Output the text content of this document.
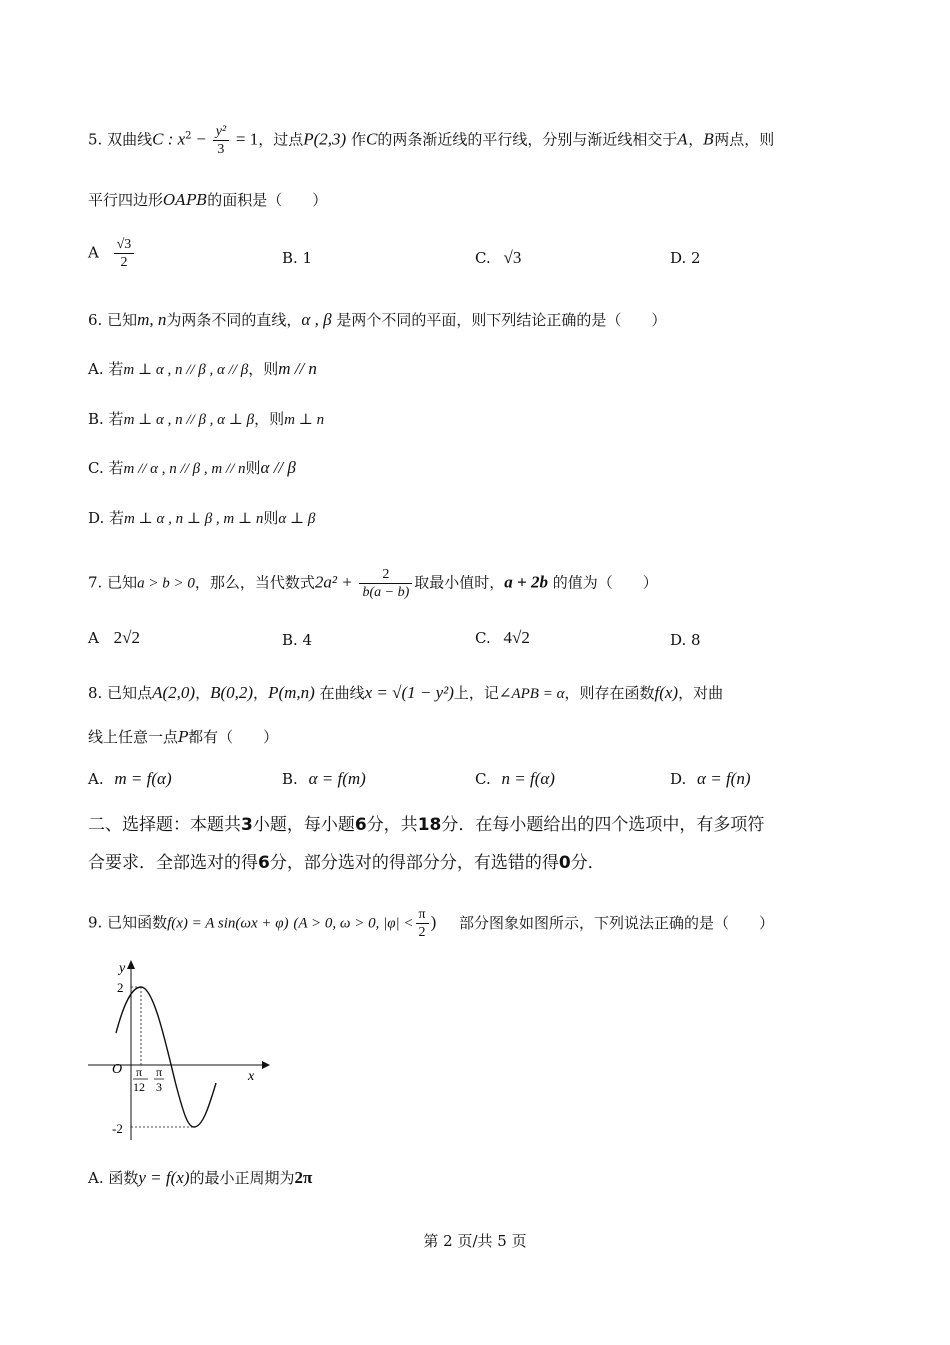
5. 双曲线C : $x^2 - \frac{\text{y²}}{3} = 1$，过点P(2,3) 作C的两条渐近线的平行线，分别与渐近线相交于A，B两点，则
平行四边形OAPB的面积是（　　）
A $\frac{√3}{2}$	B. 1	C. √3	D. 2
6. 已知m, n为两条不同的直线，α , β 是两个不同的平面，则下列结论正确的是（　　）
A. 若m ⊥ α , n // β , α // β，则m // n
B. 若m ⊥ α , n // β , α ⊥ β，则m ⊥ n
C. 若m // α , n // β , m // n则α // β
D. 若m ⊥ α , n ⊥ β , m ⊥ n则α ⊥ β
7. 已知a > b > 0，那么，当代数式$2a^2 + \frac{2}{b(a - b)}$ 取最小值时，a + 2b 的值为（　　）
A 2√2	B. 4	C. 4√2	D. 8
8. 已知点A(2,0)，B(0,2)，P(m,n) 在曲线x = √(1 − y²)上，记∠APB = α，则存在函数f(x)，对曲
线上任意一点P都有（　　）
A. m = f(α)	B. α = f(m)	C. n = f(α)	D. α = f(n)
二、选择题：本题共3小题，每小题6分，共18分．在每小题给出的四个选项中，有多项符
合要求．全部选对的得6分，部分选对的得部分分，有选错的得0分．
9. 已知函数f(x) = A sin(ωx + φ) (A > 0, ω > 0, $|\varphi| < \frac{\pi}{2}$ ) 部分图象如图所示，下列说法正确的是（　　）
y
x
O
2
-2
π
12
π
3
A. 函数y = f(x)的最小正周期为2π
第 2 页/共 5 页
